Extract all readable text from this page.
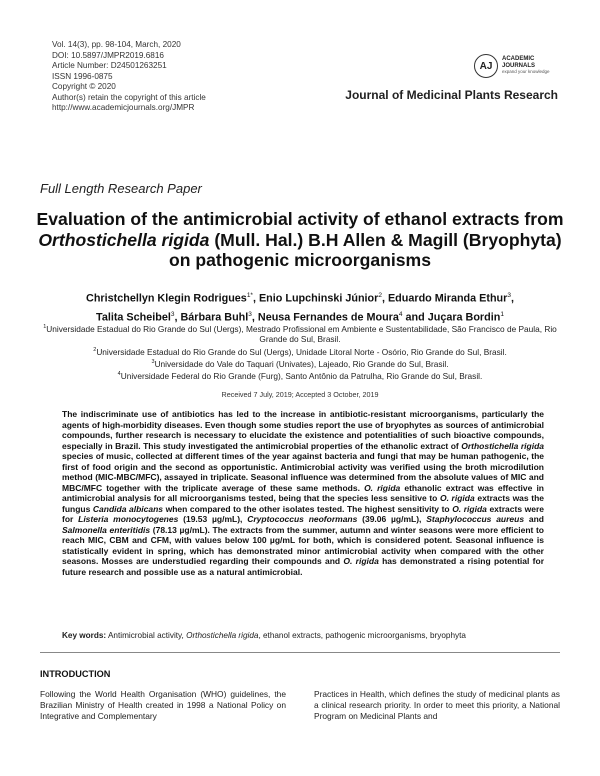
Vol. 14(3), pp. 98-104, March, 2020
DOI: 10.5897/JMPR2019.6816
Article Number: D24501263251
ISSN 1996-0875
Copyright © 2020
Author(s) retain the copyright of this article
http://www.academicjournals.org/JMPR
AJ
ACADEMIC
JOURNALS
expand your knowledge
Journal of Medicinal Plants Research
Full Length Research Paper
Evaluation of the antimicrobial activity of ethanol extracts from Orthostichella rigida (Mull. Hal.) B.H Allen & Magill (Bryophyta) on pathogenic microorganisms
Christchellyn Klegin Rodrigues$^{1*}$, Enio Lupchinski Júnior$^2$, Eduardo Miranda Ethur$^3$,
Talita Scheibel$^3$, Bárbara Buhl$^3$, Neusa Fernandes de Moura$^4$ and Juçara Bordin$^1$
$^1$Universidade Estadual do Rio Grande do Sul (Uergs), Mestrado Profissional em Ambiente e Sustentabilidade, São Francisco de Paula, Rio Grande do Sul, Brasil.
$^2$Universidade Estadual do Rio Grande do Sul (Uergs), Unidade Litoral Norte - Osório, Rio Grande do Sul, Brasil.
$^3$Universidade do Vale do Taquari (Univates), Lajeado, Rio Grande do Sul, Brasil.
$^4$Universidade Federal do Rio Grande (Furg), Santo Antônio da Patrulha, Rio Grande do Sul, Brasil.
Received 7 July, 2019; Accepted 3 October, 2019
The indiscriminate use of antibiotics has led to the increase in antibiotic-resistant microorganisms, particularly the agents of high-morbidity diseases. Even though some studies report the use of bryophytes as sources of antimicrobial compounds, further research is necessary to elucidate the existence and potentialities of such bioactive compounds, especially in Brazil. This study investigated the antimicrobial properties of the ethanolic extract of Orthostichella rigida species of music, collected at different times of the year against bacteria and fungi that may be human pathogenic, the first of food origin and the second as opportunistic. Antimicrobial activity was verified using the broth microdilution method (MIC-MBC/MFC), assayed in triplicate. Seasonal influence was determined from the absolute values of MIC and MBC/MFC together with the triplicate average of these same methods. O. rigida ethanolic extract was effective in antimicrobial analysis for all microorganisms tested, being that the species less sensitive to O. rigida extracts was the fungus Candida albicans when compared to the other isolates tested. The highest sensitivity to O. rigida extracts were for Listeria monocytogenes (19.53 µg/mL), Cryptococcus neoformans (39.06 µg/mL), Staphylococcus aureus and Salmonella enteritidis (78.13 µg/mL). The extracts from the summer, autumn and winter seasons were more efficient to reach MIC, CBM and CFM, with values below 100 µg/mL for both, which is considered potent. Seasonal influence is statistically evident in spring, which has demonstrated minor antimicrobial activity when compared with the other seasons. Mosses are understudied regarding their compounds and O. rigida has demonstrated a rising potential for future research and possible use as a natural antimicrobial.
Key words: Antimicrobial activity, Orthostichella rigida, ethanol extracts, pathogenic microorganisms, bryophyta
INTRODUCTION
Following the World Health Organisation (WHO) guidelines, the Brazilian Ministry of Health created in 1998 a National Policy on Integrative and Complementary
Practices in Health, which defines the study of medicinal plants as a clinical research priority. In order to meet this priority, a National Program on Medicinal Plants and
